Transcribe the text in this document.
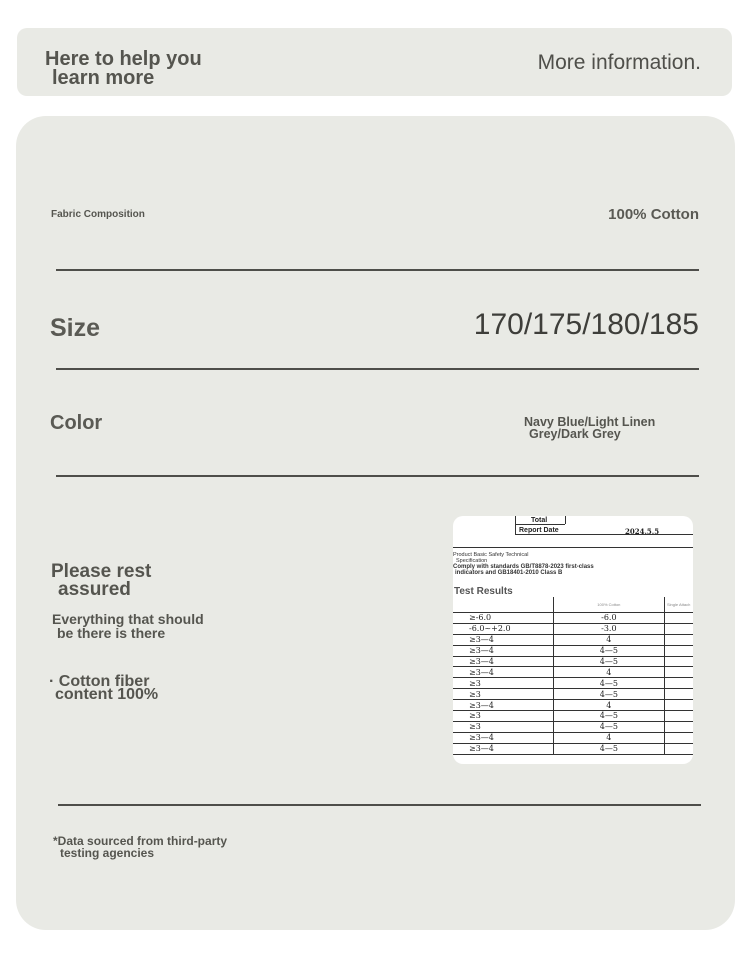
Here to help you
learn more
More information.
Fabric Composition	100% Cotton
Size	170/175/180/185
Color	Navy Blue/Light Linen
Grey/Dark Grey
Please rest
assured
Everything that should
be there is there
· Cotton fiber
content 100%
Total
Report Date	2024.5.5
Product Basic Safety Technical
Specification
Comply with standards GB/T8878-2023 first-class
indicators and GB18401-2010 Class B
Test Results
	100% Cotton	Single Attach
≥-6.0	-6.0	
-6.0~+2.0	-3.0	
≥3—4	4	
≥3—4	4—5	
≥3—4	4—5	
≥3—4	4	
≥3	4—5	
≥3	4—5	
≥3—4	4	
≥3	4—5	
≥3	4—5	
≥3—4	4	
≥3—4	4—5	
*Data sourced from third-party
testing agencies
